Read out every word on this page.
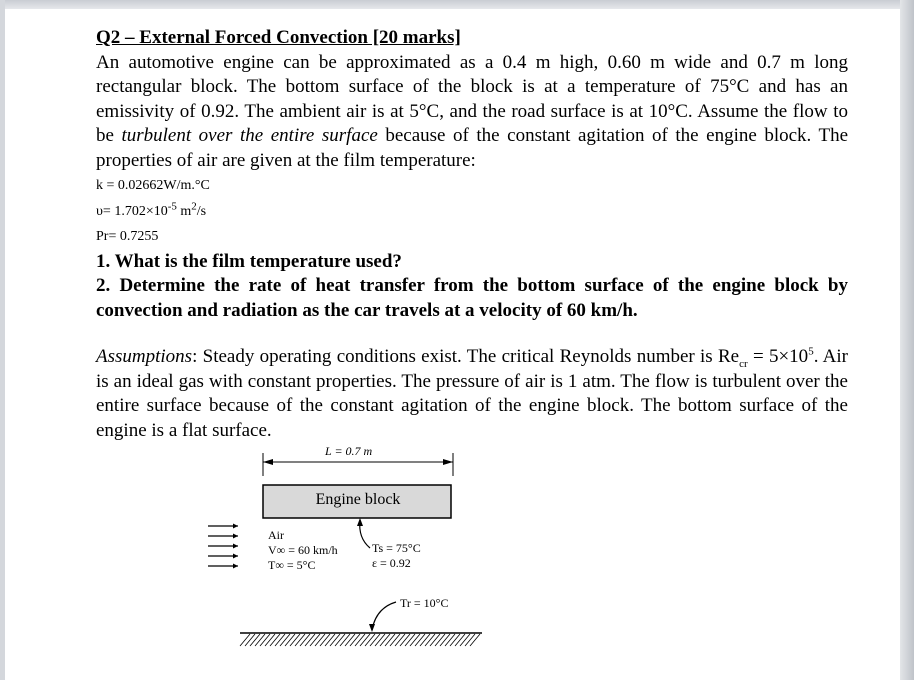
Q2 – External Forced Convection [20 marks]

An automotive engine can be approximated as a 0.4 m high, 0.60 m wide and 0.7 m long rectangular block. The bottom surface of the block is at a temperature of 75°C and has an emissivity of 0.92. The ambient air is at 5°C, and the road surface is at 10°C. Assume the flow to be turbulent over the entire surface because of the constant agitation of the engine block. The properties of air are given at the film temperature:

k = 0.02662W/m.°C
$\upsilon= 1.702\times 10^{-5}$ $m^2/s$
Pr= 0.7255

1. What is the film temperature used?

2. Determine the rate of heat transfer from the bottom surface of the engine block by convection and radiation as the car travels at a velocity of 60 km/h.

Assumptions: Steady operating conditions exist. The critical Reynolds number is $Re_{cr} = 5\times 10^5$. Air is an ideal gas with constant properties. The pressure of air is 1 atm. The flow is turbulent over the entire surface because of the constant agitation of the engine block. The bottom surface of the engine is a flat surface.

L = 0.7 m
Engine block
Air
V∞ = 60 km/h
T∞ = 5°C
Ts = 75°C
ε = 0.92
Tr = 10°C
